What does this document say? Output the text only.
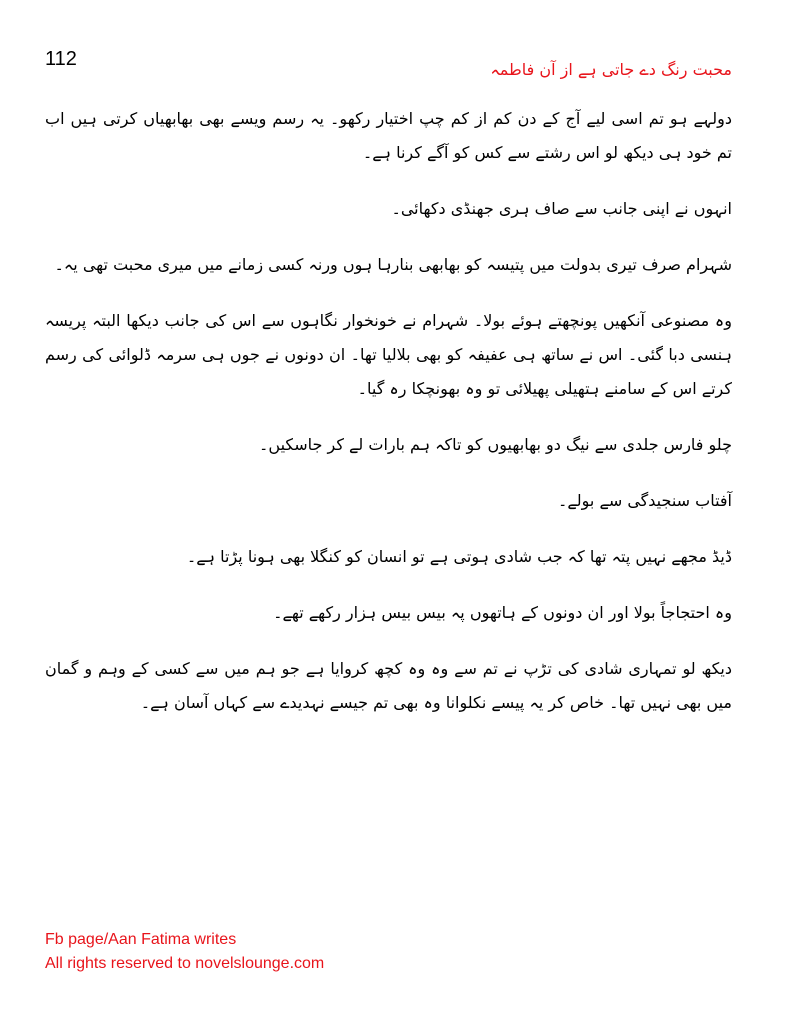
112	محبت رنگ دے جاتی ہے از آن فاطمہ

دولہے ہو تم اسی لیے آج کے دن کم از کم چپ اختیار رکھو۔ یہ رسم ویسے بھی بھابھیاں کرتی ہیں اب تم خود ہی دیکھ لو اس رشتے سے کس کو آگے کرنا ہے۔

انہوں نے اپنی جانب سے صاف ہری جھنڈی دکھائی۔

شہرام صرف تیری بدولت میں پتیسہ کو بھابھی بنارہا ہوں ورنہ کسی زمانے میں میری محبت تھی یہ۔

وہ مصنوعی آنکھیں پونچھتے ہوئے بولا۔ شہرام نے خونخوار نگاہوں سے اس کی جانب دیکھا البتہ پریسہ ہنسی دبا گئی۔ اس نے ساتھ ہی عفیفہ کو بھی بلالیا تھا۔ ان دونوں نے جوں ہی سرمہ ڈلوائی کی رسم کرتے اس کے سامنے ہتھیلی پھیلائی تو وہ بھونچکا رہ گیا۔

چلو فارس جلدی سے نیگ دو بھابھیوں کو تاکہ ہم بارات لے کر جاسکیں۔

آفتاب سنجیدگی سے بولے۔

ڈیڈ مجھے نہیں پتہ تھا کہ جب شادی ہوتی ہے تو انسان کو کنگلا بھی ہونا پڑتا ہے۔

وہ احتجاجاً بولا اور ان دونوں کے ہاتھوں پہ بیس بیس ہزار رکھے تھے۔

دیکھ لو تمہاری شادی کی تڑپ نے تم سے وہ وہ کچھ کروایا ہے جو ہم میں سے کسی کے وہم و گمان میں بھی نہیں تھا۔ خاص کر یہ پیسے نکلوانا وہ بھی تم جیسے نہدیدے سے کہاں آسان ہے۔

Fb page/Aan Fatima writes
All rights reserved to novelslounge.com
